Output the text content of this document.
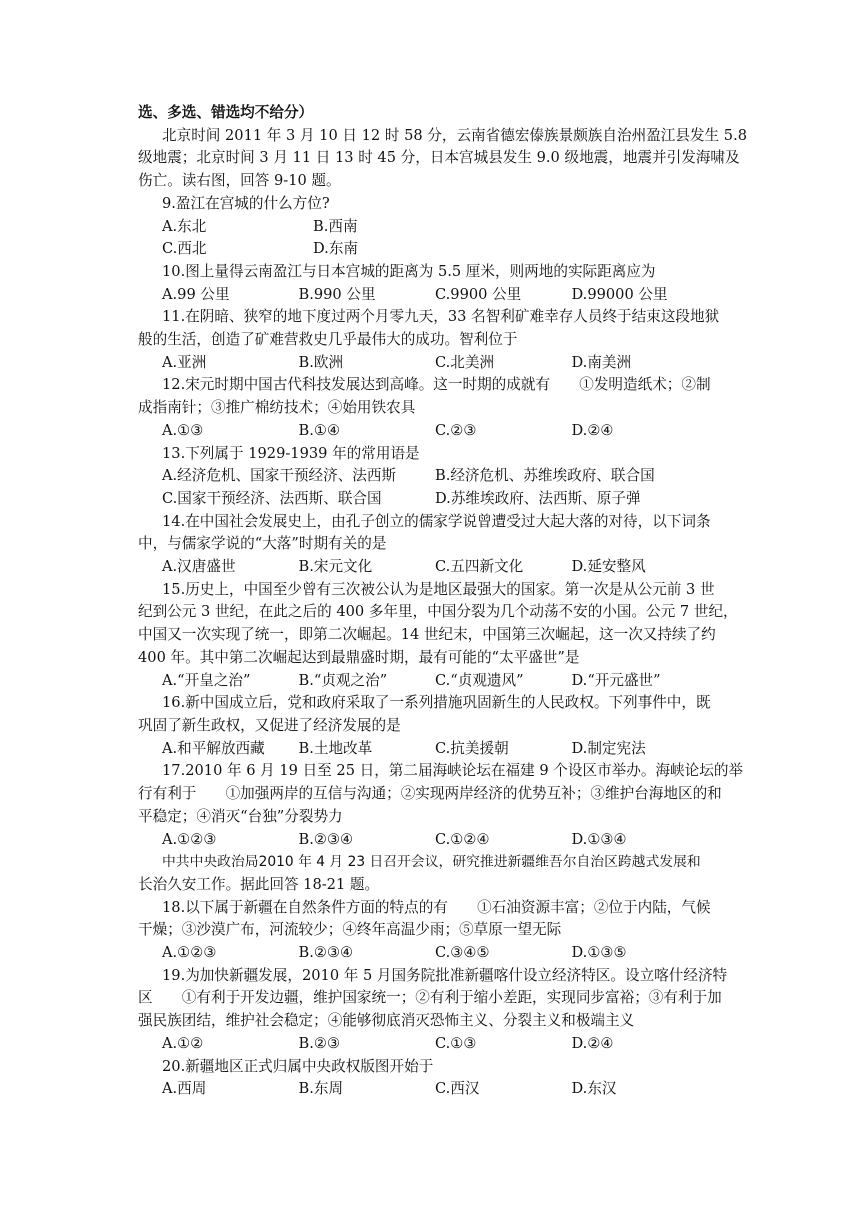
选、多选、错选均不给分）

北京时间 2011 年 3 月 10 日 12 时 58 分，云南省德宏傣族景颇族自治州盈江县发生 5.8

级地震；北京时间 3 月 11 日 13 时 45 分，日本宫城县发生 9.0 级地震，地震并引发海啸及

伤亡。读右图，回答 9-10 题。

9.盈江在宫城的什么方位?

A.东北	B.西南
C.西北	D.东南

10.图上量得云南盈江与日本宫城的距离为 5.5 厘米，则两地的实际距离应为

A.99 公里	B.990 公里	C.9900 公里	D.99000 公里

11.在阴暗、狭窄的地下度过两个月零九天，33 名智利矿难幸存人员终于结束这段地狱

般的生活，创造了矿难营救史几乎最伟大的成功。智利位于

A.亚洲	B.欧洲	C.北美洲	D.南美洲

12.宋元时期中国古代科技发展达到高峰。这一时期的成就有　　①发明造纸术；②制

成指南针；③推广棉纺技术；④始用铁农具

A.①③	B.①④	C.②③	D.②④

13.下列属于 1929-1939 年的常用语是

A.经济危机、国家干预经济、法西斯	B.经济危机、苏维埃政府、联合国
C.国家干预经济、法西斯、联合国	D.苏维埃政府、法西斯、原子弹

14.在中国社会发展史上，由孔子创立的儒家学说曾遭受过大起大落的对待，以下词条

中，与儒家学说的“大落”时期有关的是

A.汉唐盛世	B.宋元文化	C.五四新文化	D.延安整风

15.历史上，中国至少曾有三次被公认为是地区最强大的国家。第一次是从公元前 3 世

纪到公元 3 世纪，在此之后的 400 多年里，中国分裂为几个动荡不安的小国。公元 7 世纪，

中国又一次实现了统一，即第二次崛起。14 世纪末，中国第三次崛起，这一次又持续了约

400 年。其中第二次崛起达到最鼎盛时期，最有可能的“太平盛世”是

A.“开皇之治”	B.“贞观之治”	C.“贞观遗风”	D.“开元盛世”

16.新中国成立后，党和政府采取了一系列措施巩固新生的人民政权。下列事件中，既

巩固了新生政权，又促进了经济发展的是

A.和平解放西藏	B.土地改革	C.抗美援朝	D.制定宪法

17.2010 年 6 月 19 日至 25 日，第二届海峡论坛在福建 9 个设区市举办。海峡论坛的举

行有利于　　①加强两岸的互信与沟通；②实现两岸经济的优势互补；③维护台海地区的和

平稳定；④消灭“台独”分裂势力

A.①②③	B.②③④	C.①②④	D.①③④

中共中央政治局2010 年 4 月 23 日召开会议，研究推进新疆维吾尔自治区跨越式发展和

长治久安工作。据此回答 18-21 题。

18.以下属于新疆在自然条件方面的特点的有　　①石油资源丰富；②位于内陆，气候

干燥；③沙漠广布，河流较少；④终年高温少雨；⑤草原一望无际

A.①②③	B.②③④	C.③④⑤	D.①③⑤

19.为加快新疆发展，2010 年 5 月国务院批准新疆喀什设立经济特区。设立喀什经济特

区　　①有利于开发边疆，维护国家统一；②有利于缩小差距，实现同步富裕；③有利于加

强民族团结，维护社会稳定；④能够彻底消灭恐怖主义、分裂主义和极端主义

A.①②	B.②③	C.①③	D.②④

20.新疆地区正式归属中央政权版图开始于

A.西周	B.东周	C.西汉	D.东汉
